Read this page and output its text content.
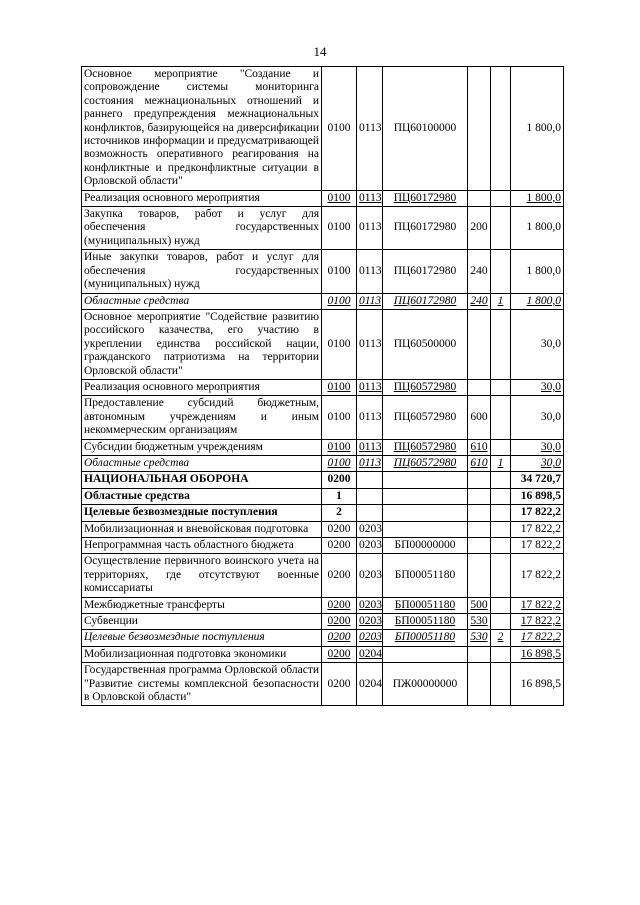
14
Основное мероприятие "Создание и сопровождение системы мониторинга состояния межнациональных отношений и раннего предупреждения межнациональных конфликтов, базирующейся на диверсификации источников информации и предусматривающей возможность оперативного реагирования на конфликтные и предконфликтные ситуации в Орловской области"	0100	0113	ПЦ60100000			1 800,0
Реализация основного мероприятия	0100	0113	ПЦ60172980			1 800,0
Закупка товаров, работ и услуг для обеспечения государственных (муниципальных) нужд	0100	0113	ПЦ60172980	200		1 800,0
Иные закупки товаров, работ и услуг для обеспечения государственных (муниципальных) нужд	0100	0113	ПЦ60172980	240		1 800,0
Областные средства	0100	0113	ПЦ60172980	240	1	1 800,0
Основное мероприятие "Содействие развитию российского казачества, его участию в укреплении единства российской нации, гражданского патриотизма на территории Орловской области"	0100	0113	ПЦ60500000			30,0
Реализация основного мероприятия	0100	0113	ПЦ60572980			30,0
Предоставление субсидий бюджетным, автономным учреждениям и иным некоммерческим организациям	0100	0113	ПЦ60572980	600		30,0
Субсидии бюджетным учреждениям	0100	0113	ПЦ60572980	610		30,0
Областные средства	0100	0113	ПЦ60572980	610	1	30,0
НАЦИОНАЛЬНАЯ ОБОРОНА	0200					34 720,7
Областные средства	1					16 898,5
Целевые безвозмездные поступления	2					17 822,2
Мобилизационная и вневойсковая подготовка	0200	0203				17 822,2
Непрограммная часть областного бюджета	0200	0203	БП00000000			17 822,2
Осуществление первичного воинского учета на территориях, где отсутствуют военные комиссариаты	0200	0203	БП00051180			17 822,2
Межбюджетные трансферты	0200	0203	БП00051180	500		17 822,2
Субвенции	0200	0203	БП00051180	530		17 822,2
Целевые безвозмездные поступления	0200	0203	БП00051180	530	2	17 822,2
Мобилизационная подготовка экономики	0200	0204				16 898,5
Государственная программа Орловской области "Развитие системы комплексной безопасности в Орловской области"	0200	0204	ПЖ00000000			16 898,5
